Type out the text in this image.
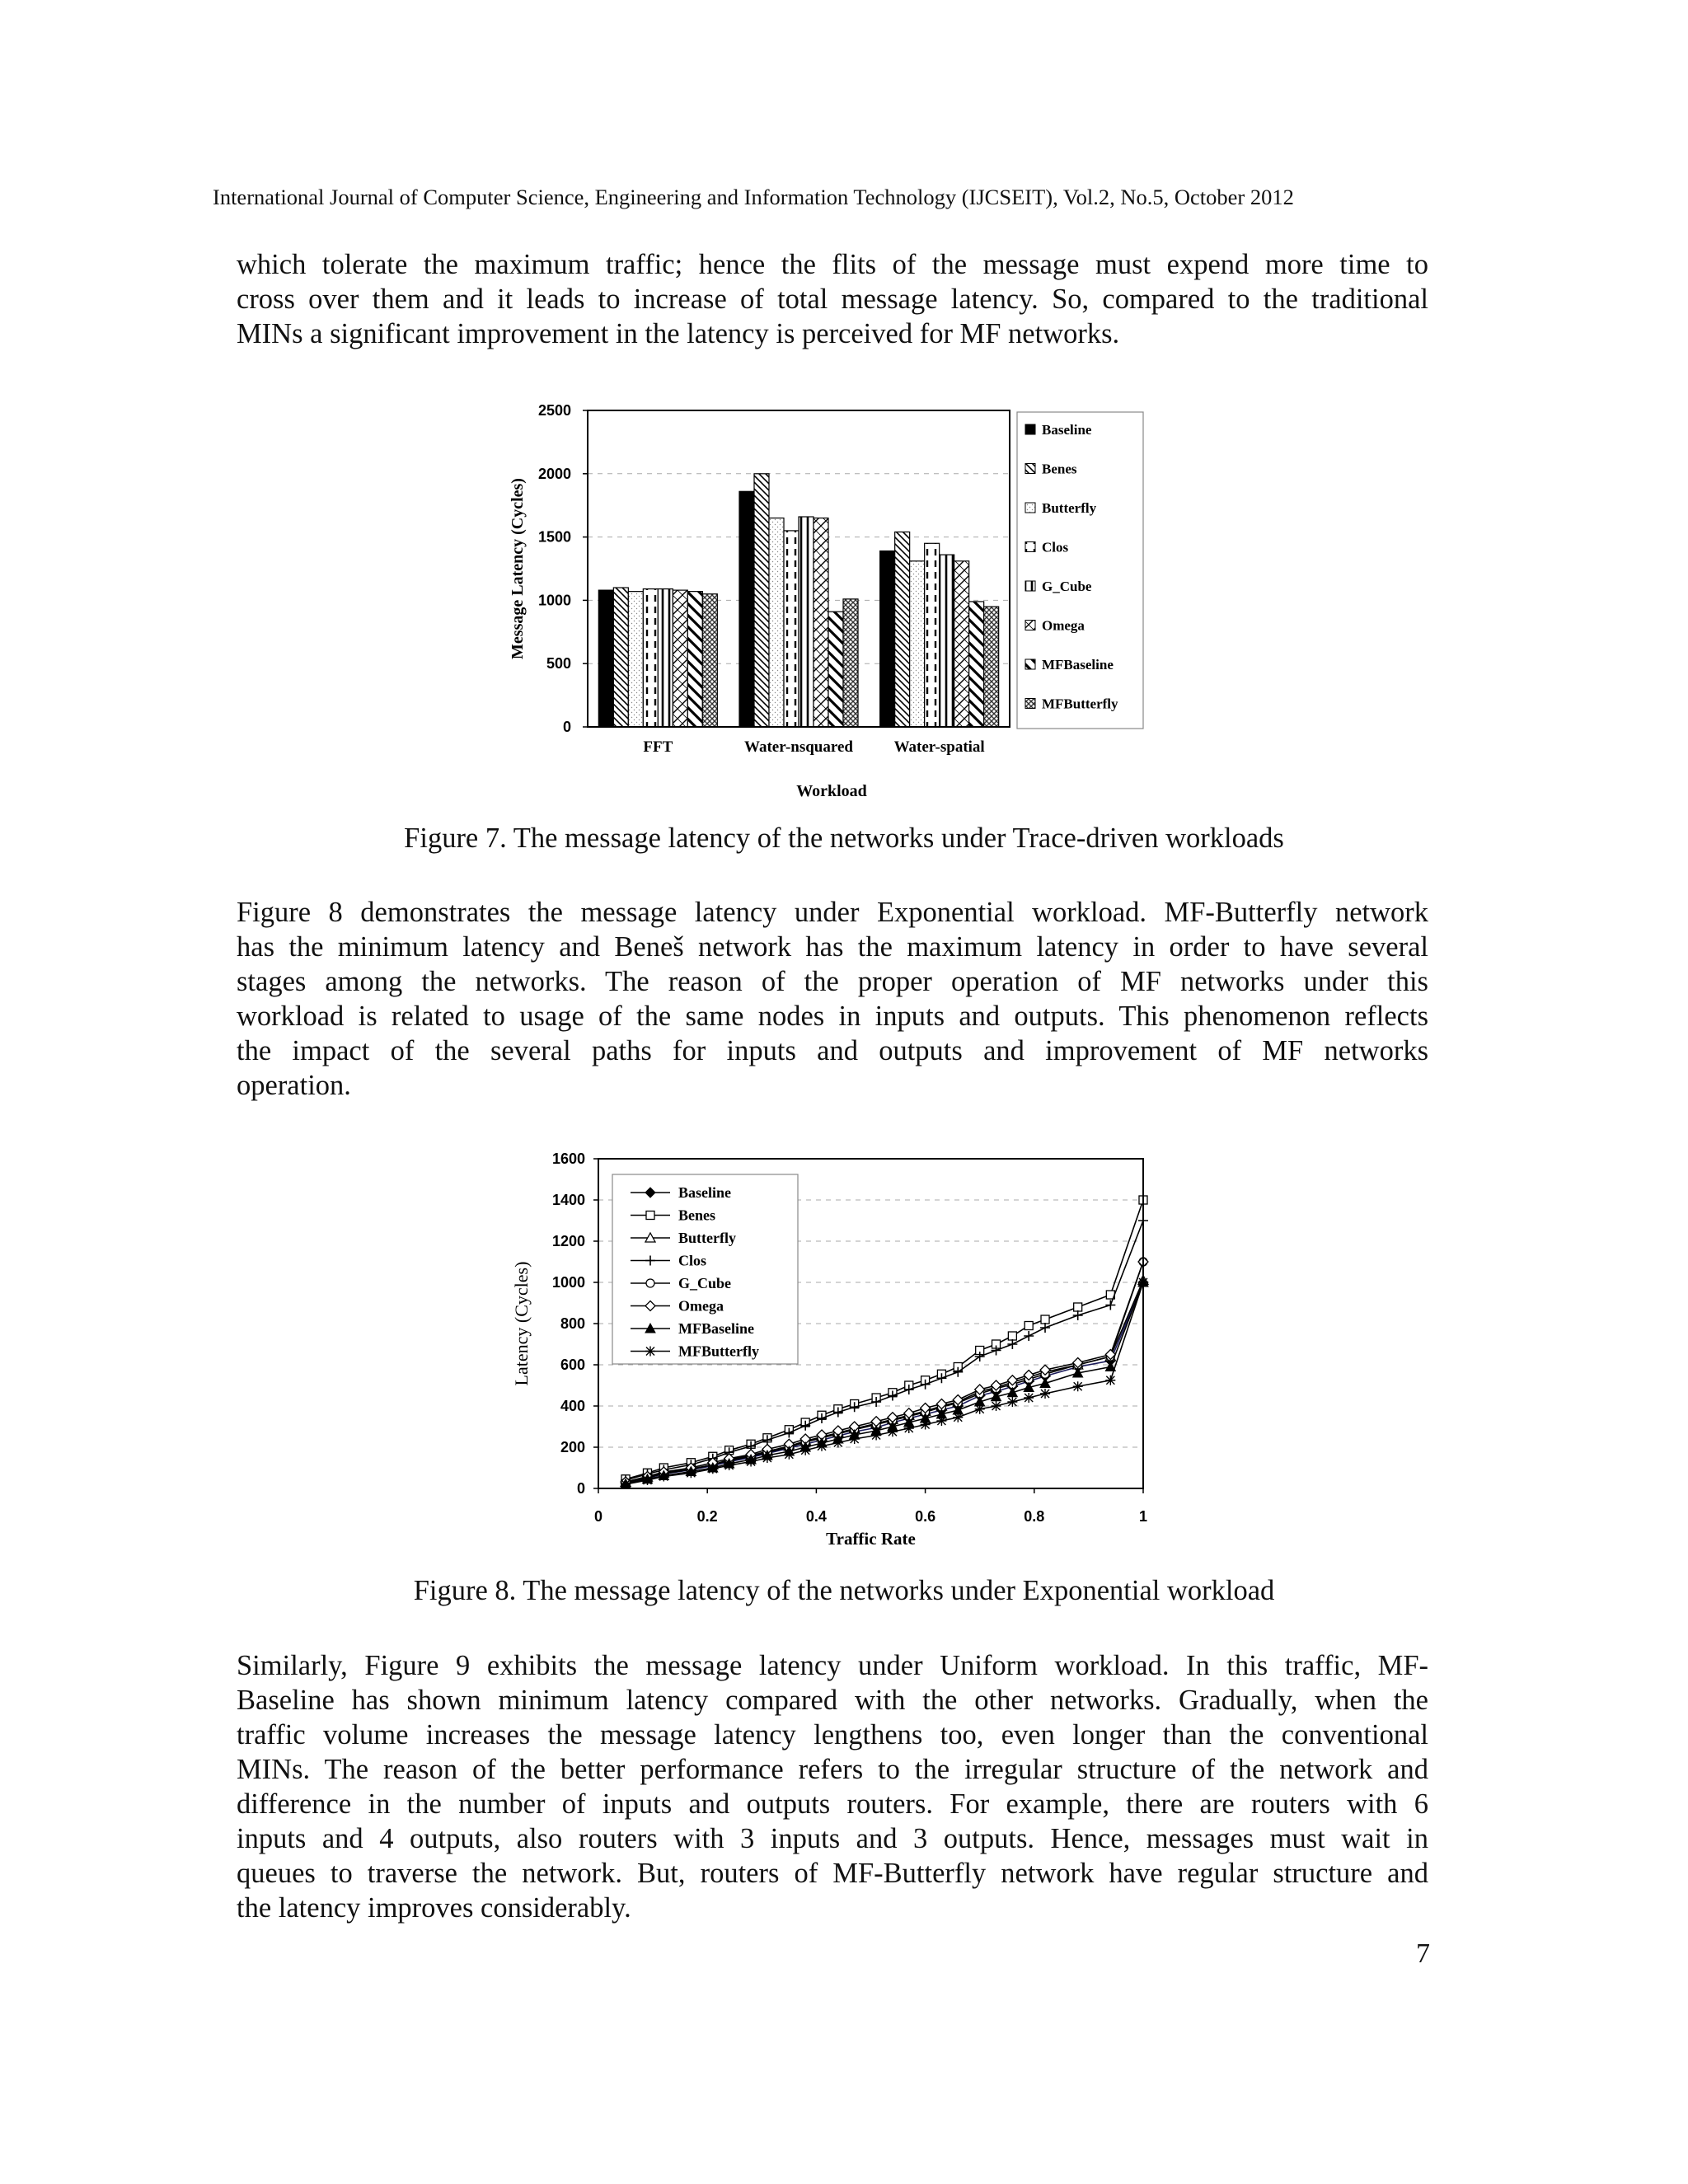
International Journal of Computer Science, Engineering and Information Technology (IJCSEIT), Vol.2, No.5, October 2012
which tolerate the maximum traffic; hence the flits of the message must expend more time to
cross over them and it leads to increase of total message latency. So, compared to the traditional
MINs a significant improvement in the latency is perceived for MF networks.
0
500
1000
1500
2000
2500
FFT	Water-nsquared	Water-spatial
Workload
Message Latency (Cycles)
Baseline
Benes
Butterfly
Clos
G_Cube
Omega
MFBaseline
MFButterfly
Figure 7. The message latency of the networks under Trace-driven workloads
Figure 8 demonstrates the message latency under Exponential workload. MF-Butterfly network
has the minimum latency and Beneš network has the maximum latency in order to have several
stages among the networks. The reason of the proper operation of MF networks under this
workload is related to usage of the same nodes in inputs and outputs. This phenomenon reflects
the impact of the several paths for inputs and outputs and improvement of MF networks
operation.
0
200
400
600
800
1000
1200
1400
1600
0	0.2	0.4	0.6	0.8	1
Traffic Rate
Latency (Cycles)
Baseline
Benes
Butterfly
Clos
G_Cube
Omega
MFBaseline
MFButterfly
Figure 8. The message latency of the networks under Exponential workload
Similarly, Figure 9 exhibits the message latency under Uniform workload. In this traffic, MF-
Baseline has shown minimum latency compared with the other networks. Gradually, when the
traffic volume increases the message latency lengthens too, even longer than the conventional
MINs. The reason of the better performance refers to the irregular structure of the network and
difference in the number of inputs and outputs routers. For example, there are routers with 6
inputs and 4 outputs, also routers with 3 inputs and 3 outputs. Hence, messages must wait in
queues to traverse the network. But, routers of MF-Butterfly network have regular structure and
the latency improves considerably.
7
